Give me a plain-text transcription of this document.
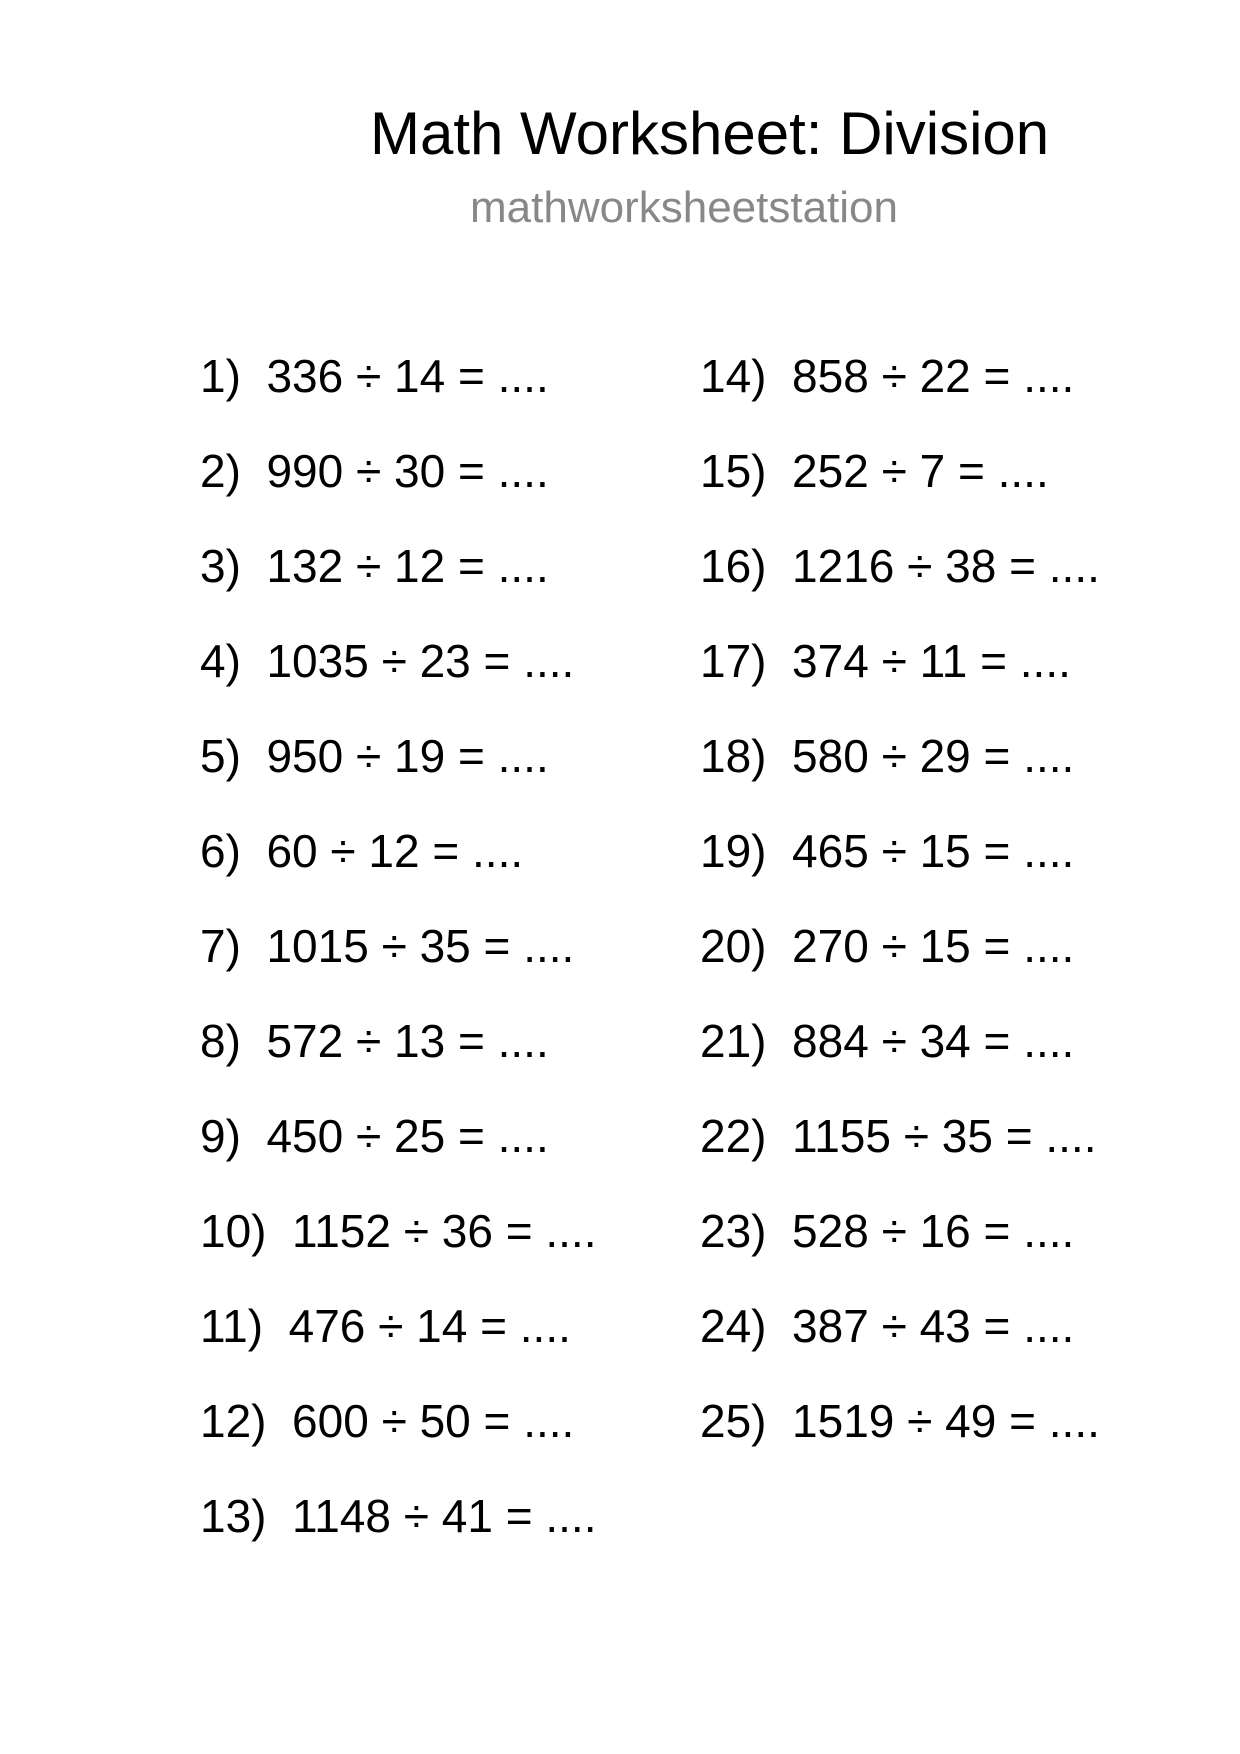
Math Worksheet: Division
mathworksheetstation
1)  336 ÷ 14 = ....
2)  990 ÷ 30 = ....
3)  132 ÷ 12 = ....
4)  1035 ÷ 23 = ....
5)  950 ÷ 19 = ....
6)  60 ÷ 12 = ....
7)  1015 ÷ 35 = ....
8)  572 ÷ 13 = ....
9)  450 ÷ 25 = ....
10)  1152 ÷ 36 = ....
11)  476 ÷ 14 = ....
12)  600 ÷ 50 = ....
13)  1148 ÷ 41 = ....
14)  858 ÷ 22 = ....
15)  252 ÷ 7 = ....
16)  1216 ÷ 38 = ....
17)  374 ÷ 11 = ....
18)  580 ÷ 29 = ....
19)  465 ÷ 15 = ....
20)  270 ÷ 15 = ....
21)  884 ÷ 34 = ....
22)  1155 ÷ 35 = ....
23)  528 ÷ 16 = ....
24)  387 ÷ 43 = ....
25)  1519 ÷ 49 = ....
